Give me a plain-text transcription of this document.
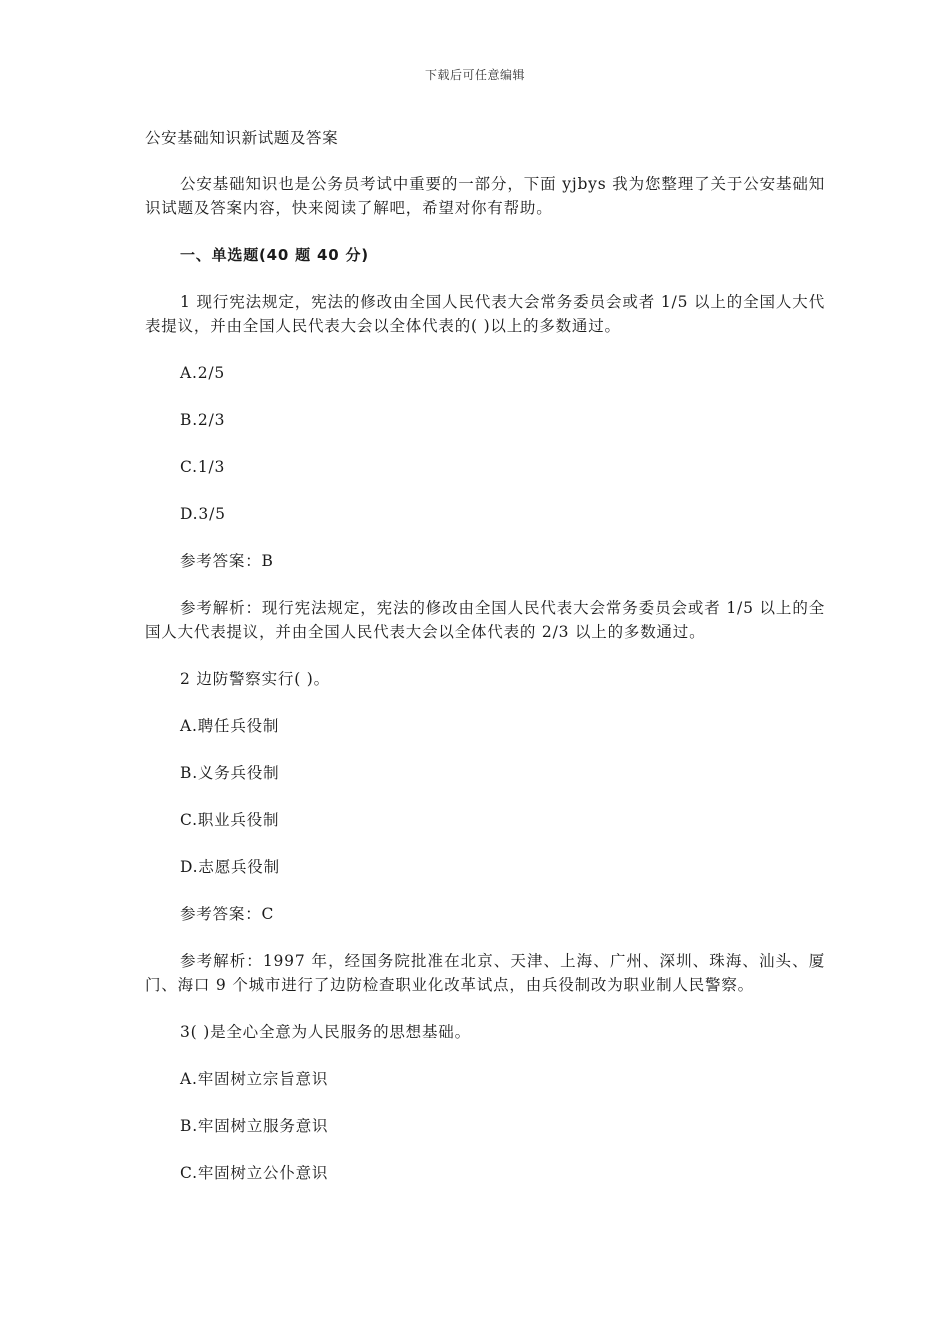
下载后可任意编辑
公安基础知识新试题及答案
公安基础知识也是公务员考试中重要的一部分，下面 yjbys 我为您整理了关于公安基础知识试题及答案内容，快来阅读了解吧，希望对你有帮助。
一、单选题(40 题 40 分)
1 现行宪法规定，宪法的修改由全国人民代表大会常务委员会或者 1/5 以上的全国人大代表提议，并由全国人民代表大会以全体代表的( )以上的多数通过。
A.2/5
B.2/3
C.1/3
D.3/5
参考答案：B
参考解析：现行宪法规定，宪法的修改由全国人民代表大会常务委员会或者 1/5 以上的全国人大代表提议，并由全国人民代表大会以全体代表的 2/3 以上的多数通过。
2 边防警察实行( )。
A.聘任兵役制
B.义务兵役制
C.职业兵役制
D.志愿兵役制
参考答案：C
参考解析：1997 年，经国务院批准在北京、天津、上海、广州、深圳、珠海、汕头、厦门、海口 9 个城市进行了边防检查职业化改革试点，由兵役制改为职业制人民警察。
3( )是全心全意为人民服务的思想基础。
A.牢固树立宗旨意识
B.牢固树立服务意识
C.牢固树立公仆意识
